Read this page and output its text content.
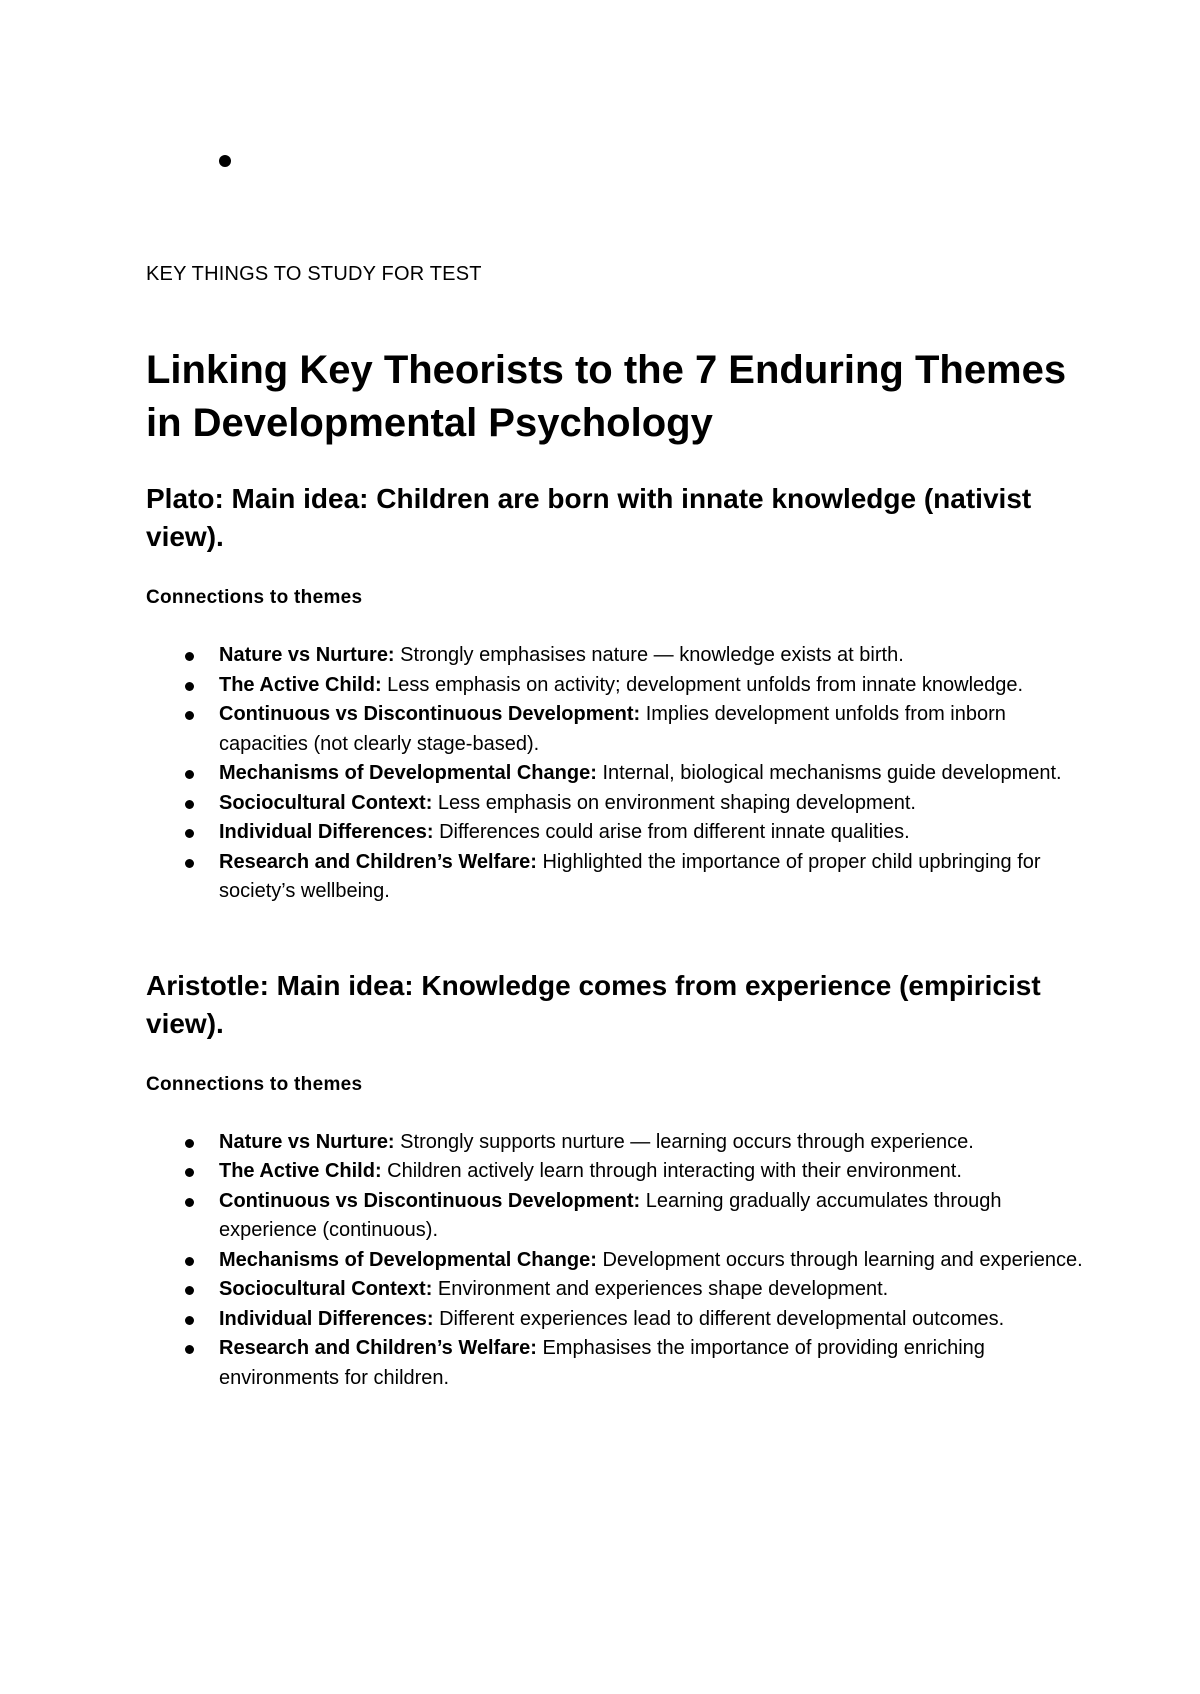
KEY THINGS TO STUDY FOR TEST

Linking Key Theorists to the 7 Enduring Themes in Developmental Psychology
Plato: Main idea: Children are born with innate knowledge (nativist view).
Connections to themes
Nature vs Nurture: Strongly emphasises nature — knowledge exists at birth.
The Active Child: Less emphasis on activity; development unfolds from innate knowledge.
Continuous vs Discontinuous Development: Implies development unfolds from inborn capacities (not clearly stage-based).
Mechanisms of Developmental Change: Internal, biological mechanisms guide development.
Sociocultural Context: Less emphasis on environment shaping development.
Individual Differences: Differences could arise from different innate qualities.
Research and Children’s Welfare: Highlighted the importance of proper child upbringing for society’s wellbeing.
Aristotle: Main idea: Knowledge comes from experience (empiricist view).
Connections to themes
Nature vs Nurture: Strongly supports nurture — learning occurs through experience.
The Active Child: Children actively learn through interacting with their environment.
Continuous vs Discontinuous Development: Learning gradually accumulates through experience (continuous).
Mechanisms of Developmental Change: Development occurs through learning and experience.
Sociocultural Context: Environment and experiences shape development.
Individual Differences: Different experiences lead to different developmental outcomes.
Research and Children’s Welfare: Emphasises the importance of providing enriching environments for children.
